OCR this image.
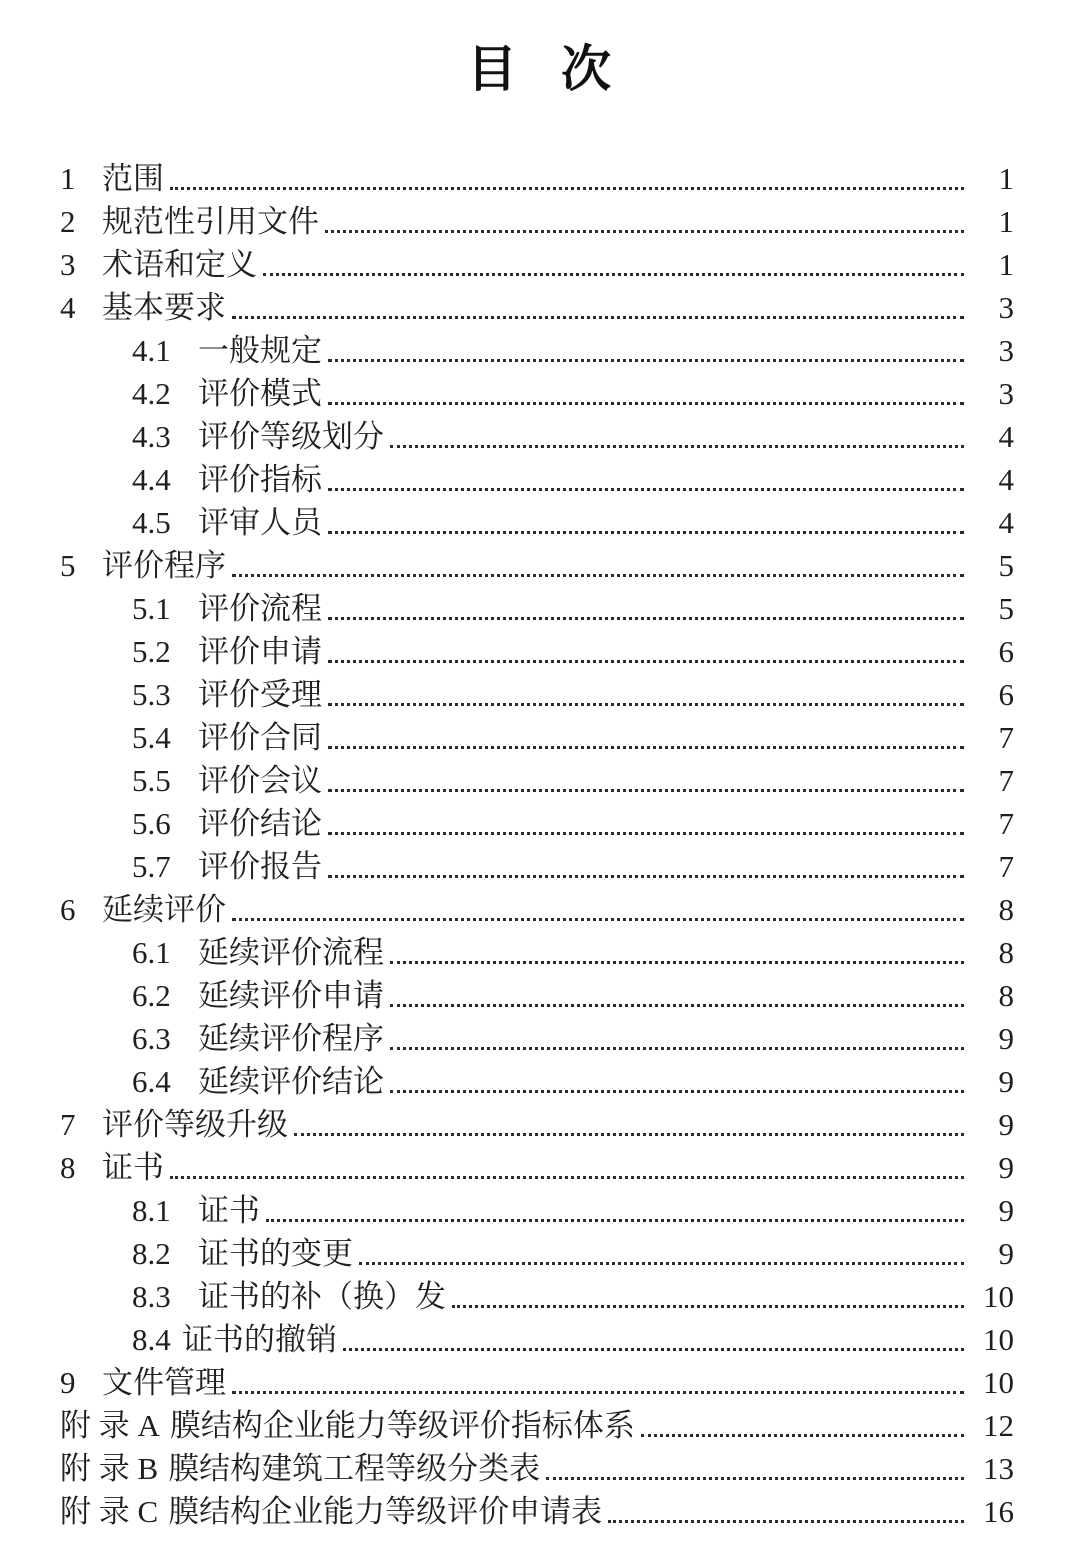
目 次
1 范围	1
2 规范性引用文件	1
3 术语和定义	1
4 基本要求	3
4.1 一般规定	3
4.2 评价模式	3
4.3 评价等级划分	4
4.4 评价指标	4
4.5 评审人员	4
5 评价程序	5
5.1 评价流程	5
5.2 评价申请	6
5.3 评价受理	6
5.4 评价合同	7
5.5 评价会议	7
5.6 评价结论	7
5.7 评价报告	7
6 延续评价	8
6.1 延续评价流程	8
6.2 延续评价申请	8
6.3 延续评价程序	9
6.4 延续评价结论	9
7 评价等级升级	9
8 证书	9
8.1 证书	9
8.2 证书的变更	9
8.3 证书的补（换）发	10
8.4 证书的撤销	10
9 文件管理	10
附 录 A 膜结构企业能力等级评价指标体系	12
附 录 B 膜结构建筑工程等级分类表	13
附 录 C 膜结构企业能力等级评价申请表	16
